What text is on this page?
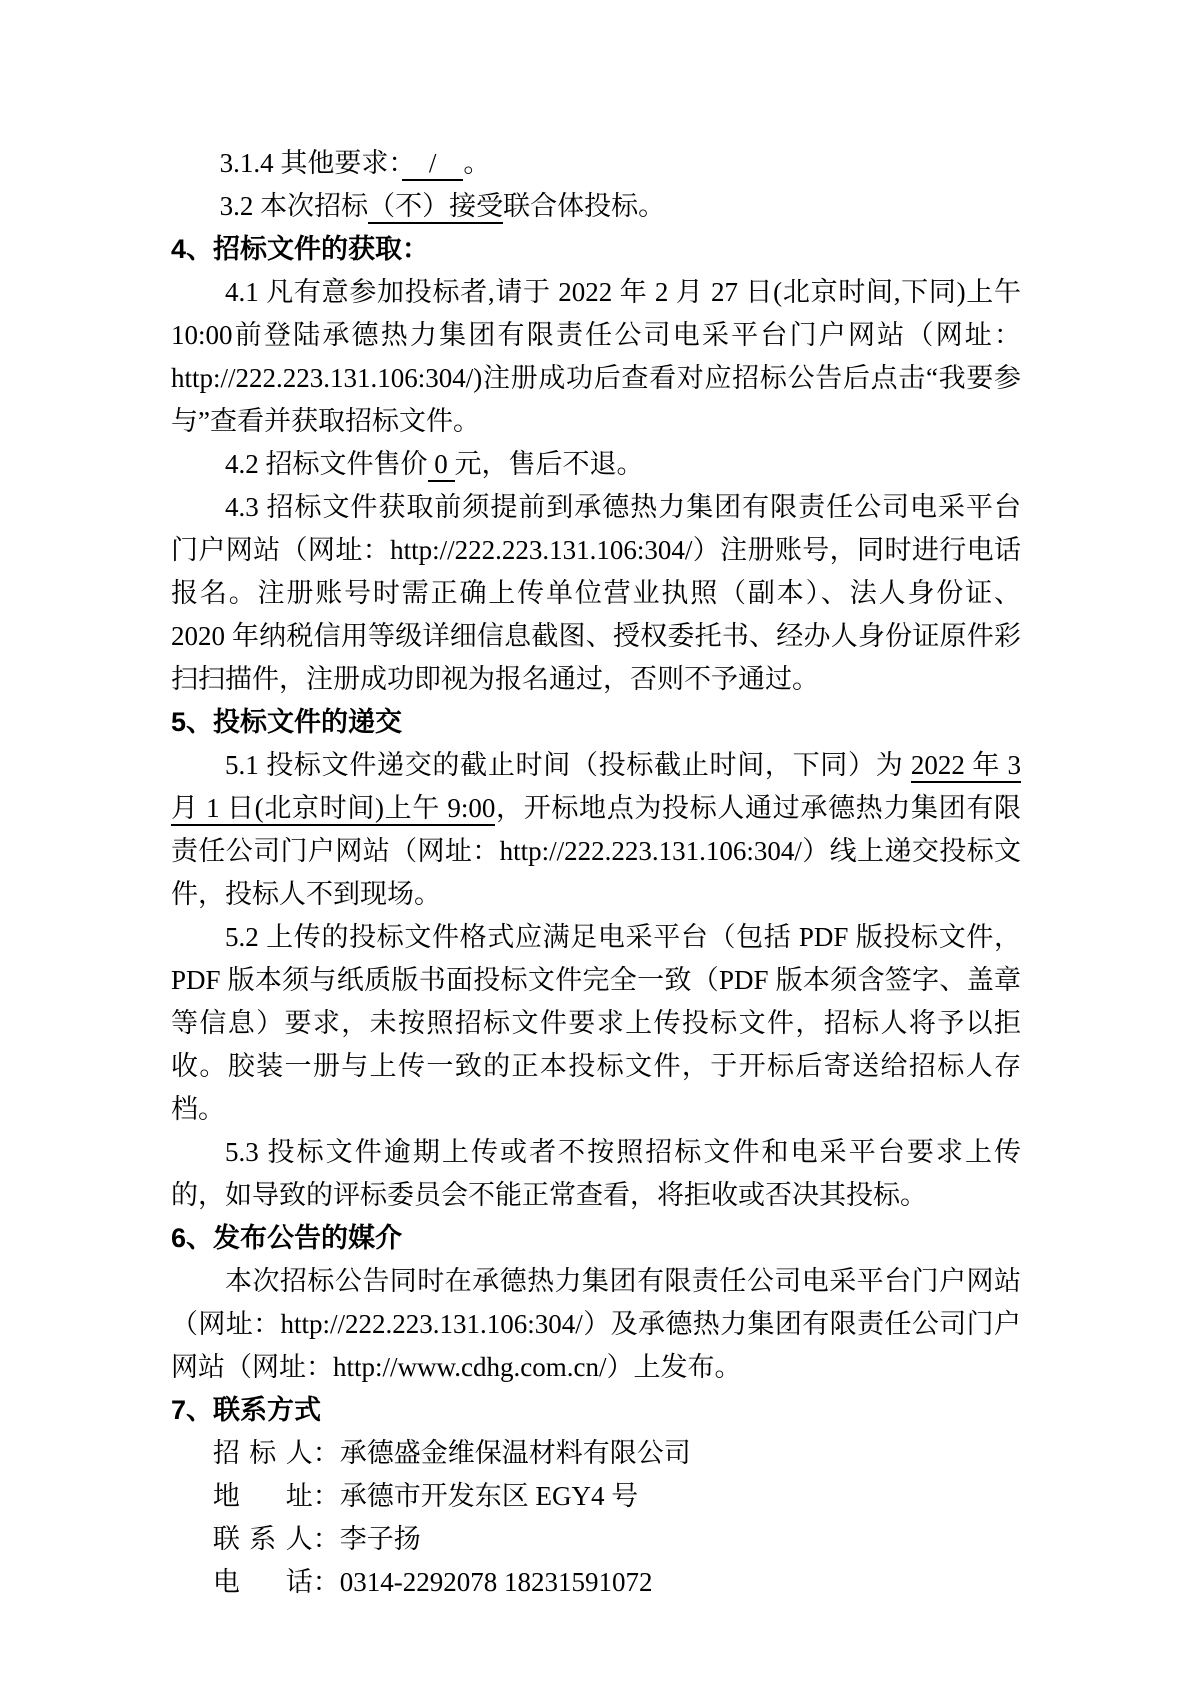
3.1.4 其他要求：　/　。

3.2 本次招标（不）接受联合体投标。

4、招标文件的获取：

4.1 凡有意参加投标者,请于 2022 年 2 月 27 日(北京时间,下同)上午 10:00前登陆承德热力集团有限责任公司电采平台门户网站（网址：http://222.223.131.106:304/)注册成功后查看对应招标公告后点击“我要参与”查看并获取招标文件。

4.2 招标文件售价 0 元，售后不退。

4.3 招标文件获取前须提前到承德热力集团有限责任公司电采平台门户网站（网址：http://222.223.131.106:304/）注册账号，同时进行电话报名。注册账号时需正确上传单位营业执照（副本）、法人身份证、2020 年纳税信用等级详细信息截图、授权委托书、经办人身份证原件彩扫扫描件，注册成功即视为报名通过，否则不予通过。

5、投标文件的递交

5.1 投标文件递交的截止时间（投标截止时间，下同）为 2022 年 3 月 1 日(北京时间)上午 9:00，开标地点为投标人通过承德热力集团有限责任公司门户网站（网址：http://222.223.131.106:304/）线上递交投标文件，投标人不到现场。

5.2 上传的投标文件格式应满足电采平台（包括 PDF 版投标文件，PDF 版本须与纸质版书面投标文件完全一致（PDF 版本须含签字、盖章等信息）要求，未按照招标文件要求上传投标文件，招标人将予以拒收。胶装一册与上传一致的正本投标文件，于开标后寄送给招标人存档。

5.3 投标文件逾期上传或者不按照招标文件和电采平台要求上传的，如导致的评标委员会不能正常查看，将拒收或否决其投标。

6、发布公告的媒介

本次招标公告同时在承德热力集团有限责任公司电采平台门户网站（网址：http://222.223.131.106:304/）及承德热力集团有限责任公司门户网站（网址：http://www.cdhg.com.cn/）上发布。

7、联系方式

招标人：承德盛金维保温材料有限公司

地址：承德市开发东区 EGY4 号

联系人：李子扬

电话：0314-2292078 18231591072
